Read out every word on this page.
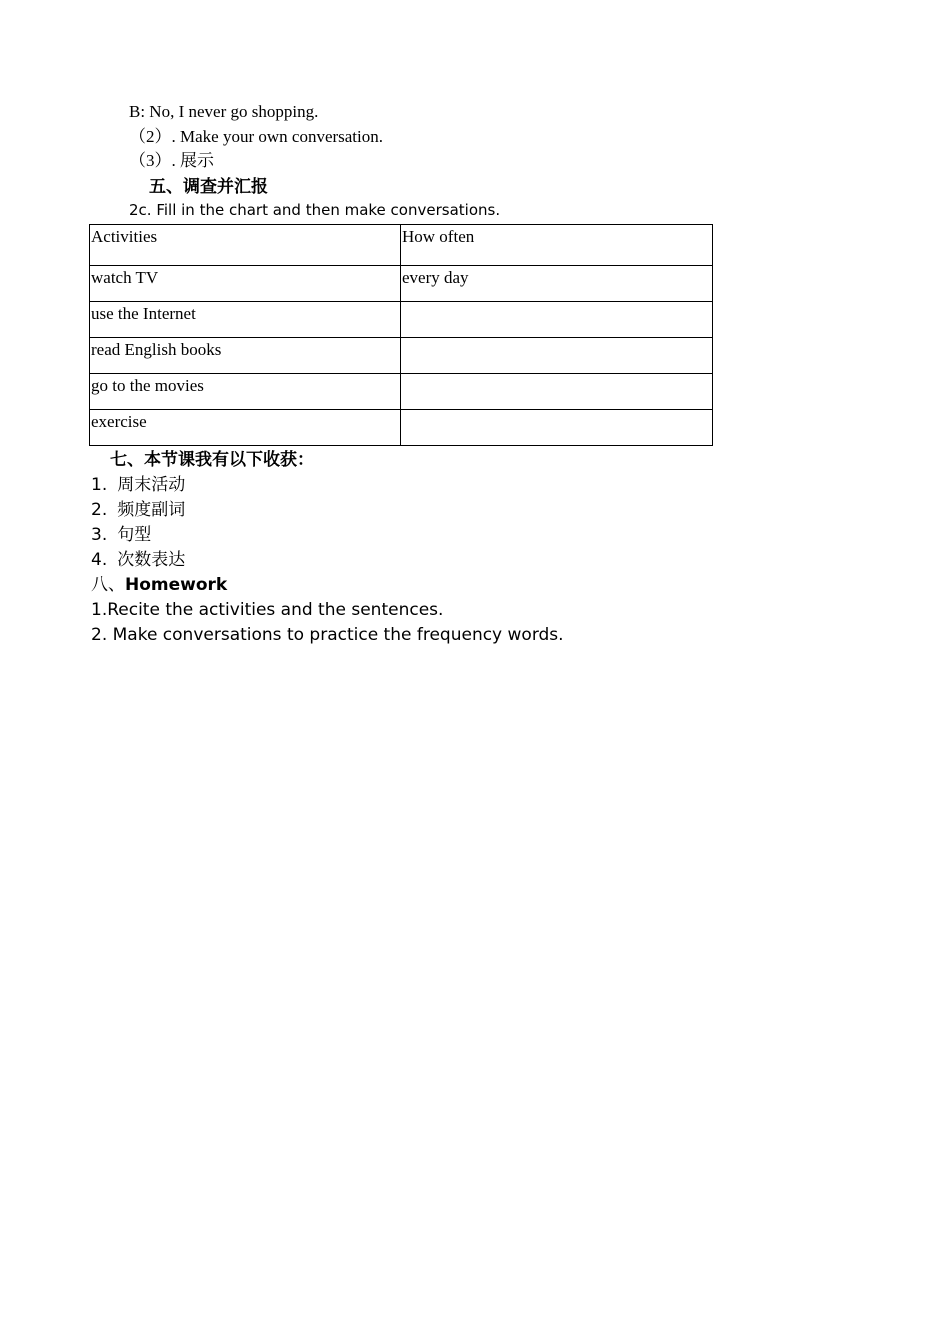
B: No, I never go shopping.
（2）. Make your own conversation.
（3）. 展示
五、调查并汇报
2c. Fill in the chart and then make conversations.
Activities	How often
watch TV	every day
use the Internet	
read English books	
go to the movies	
exercise	
七、本节课我有以下收获：
1. 周末活动
2. 频度副词
3. 句型
4. 次数表达
八、Homework
1.Recite the activities and the sentences.
2. Make conversations to practice the frequency words.
